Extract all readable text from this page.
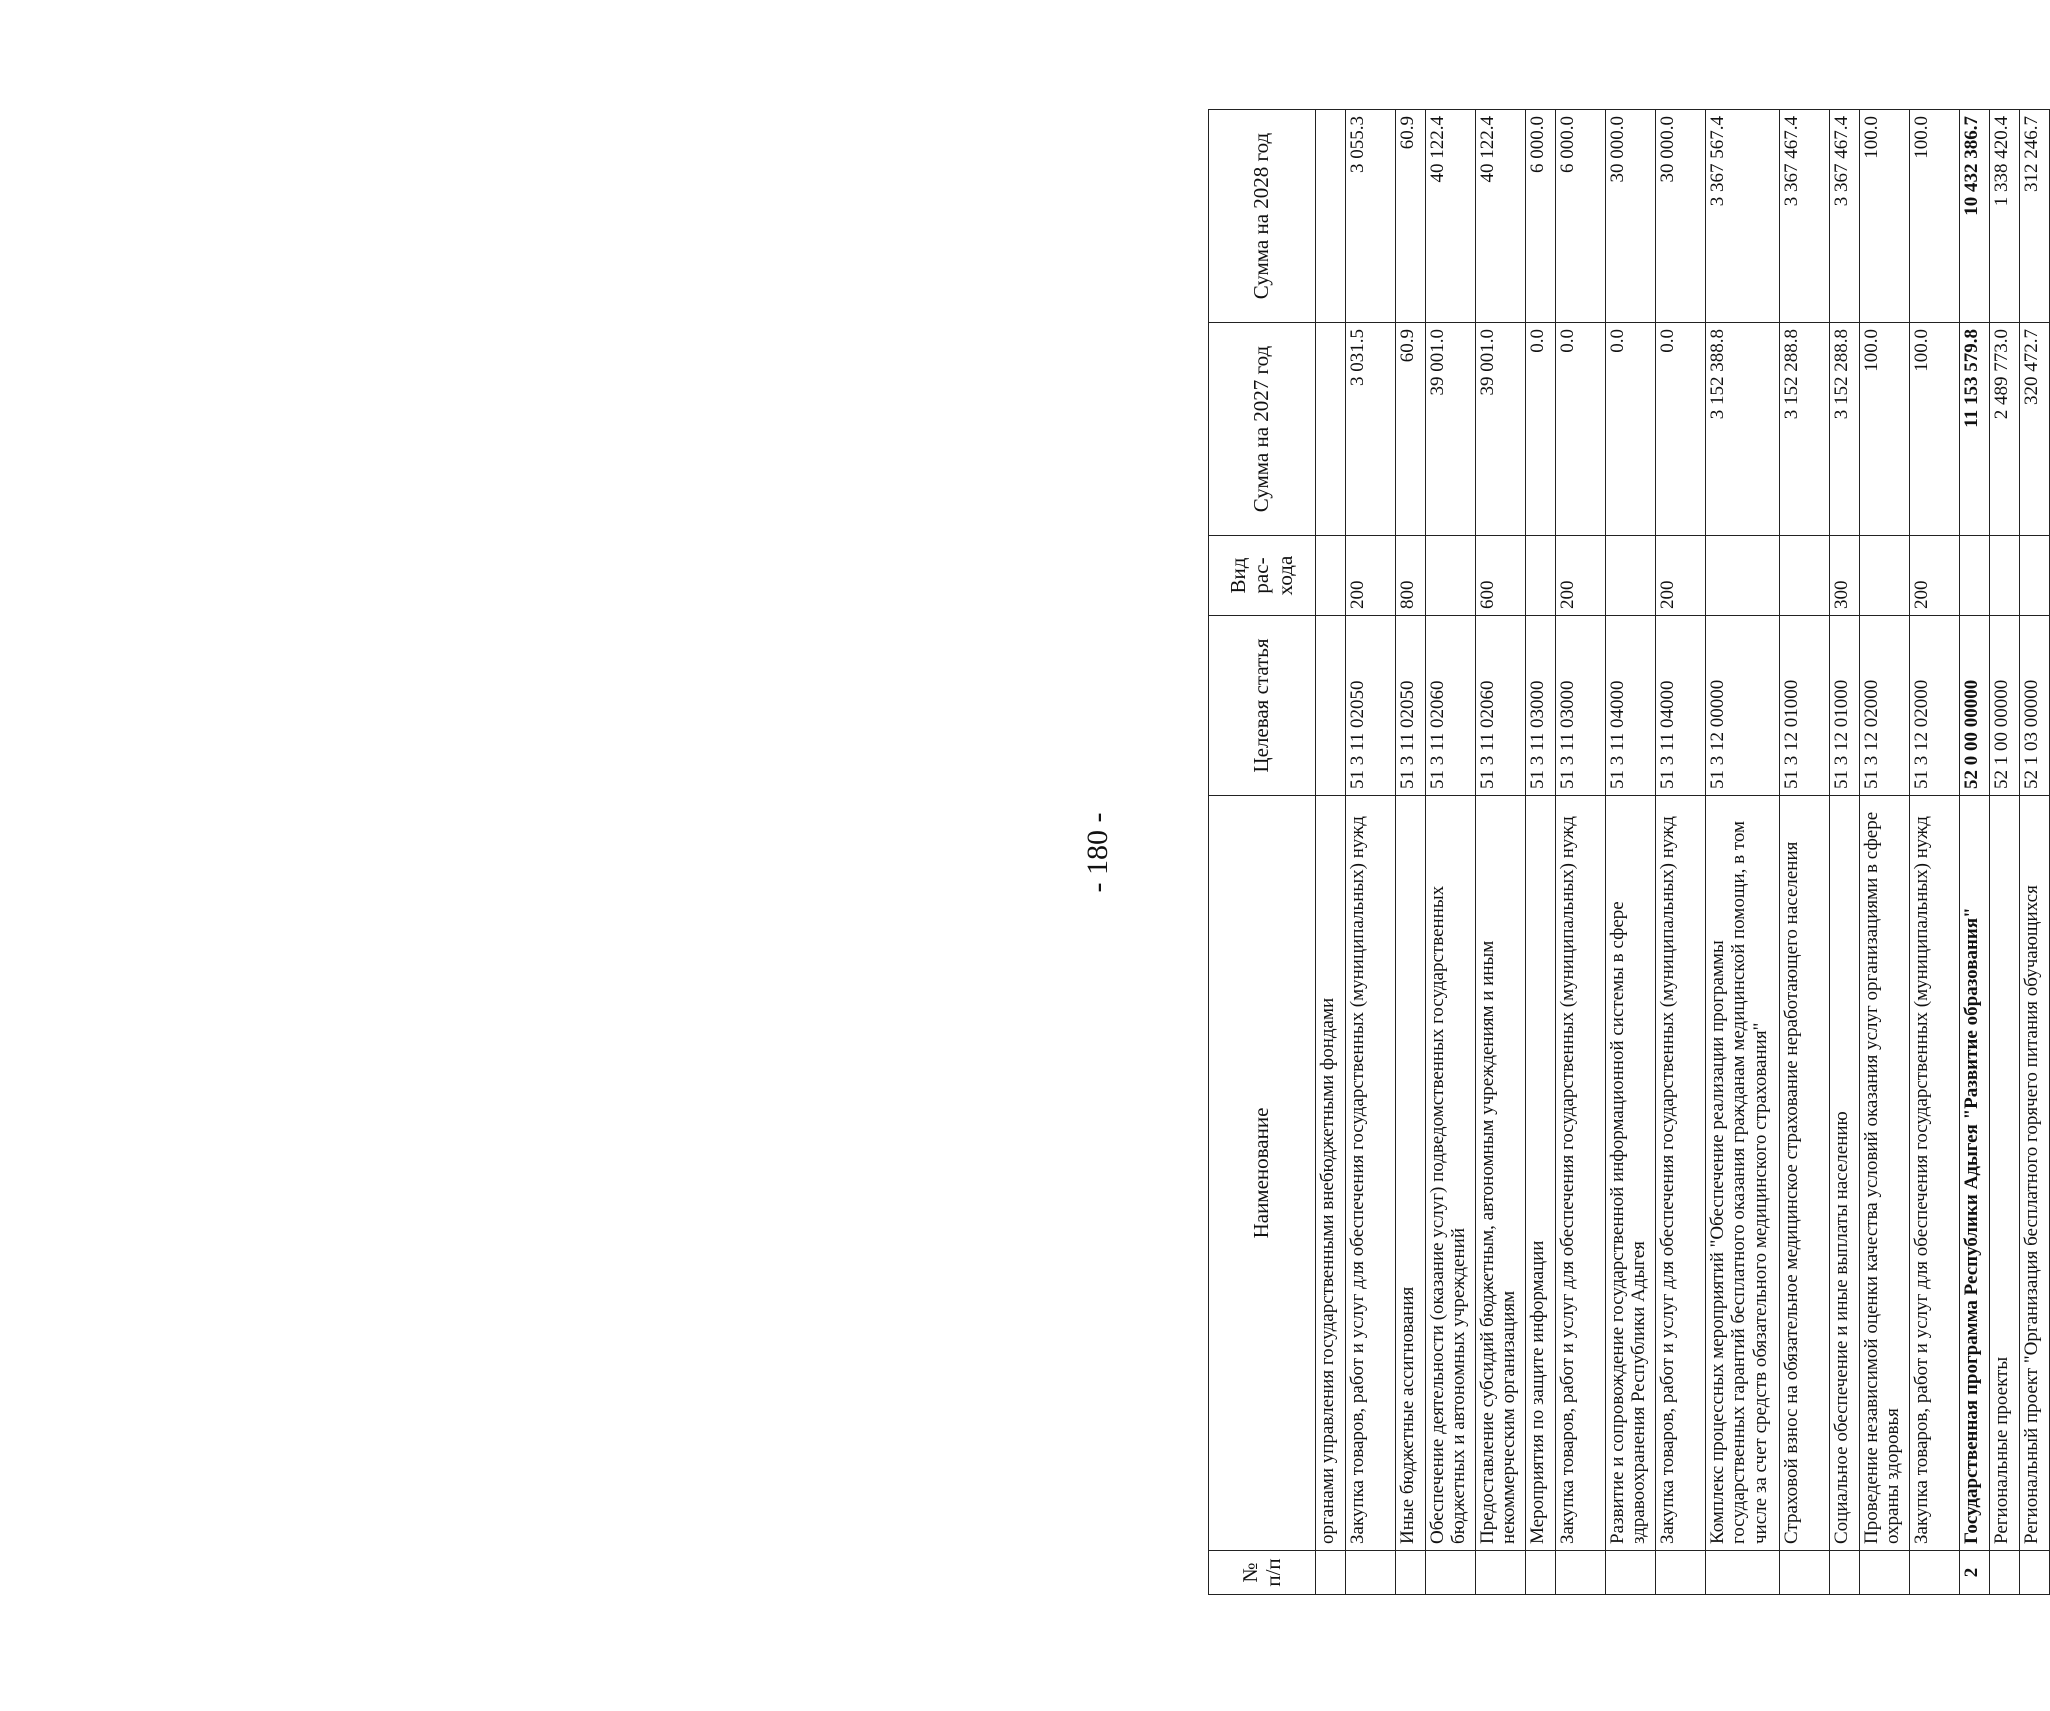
- 180 -
№ п/п	Наименование	Целевая статья	Вид рас- хода	Сумма на 2027 год	Сумма на 2028 год
	органами управления государственными внебюджетными фондами				
	Закупка товаров, работ и услуг для обеспечения государственных (муниципальных) нужд	51 3 11 02050	200	3 031.5	3 055.3
	Иные бюджетные ассигнования	51 3 11 02050	800	60.9	60.9
	Обеспечение деятельности (оказание услуг) подведомственных государственных бюджетных и автономных учреждений	51 3 11 02060		39 001.0	40 122.4
	Предоставление субсидий бюджетным, автономным учреждениям и иным некоммерческим организациям	51 3 11 02060	600	39 001.0	40 122.4
	Мероприятия по защите информации	51 3 11 03000		0.0	6 000.0
	Закупка товаров, работ и услуг для обеспечения государственных (муниципальных) нужд	51 3 11 03000	200	0.0	6 000.0
	Развитие и сопровождение государственной информационной системы в сфере здравоохранения Республики Адыгея	51 3 11 04000		0.0	30 000.0
	Закупка товаров, работ и услуг для обеспечения государственных (муниципальных) нужд	51 3 11 04000	200	0.0	30 000.0
	Комплекс процессных мероприятий "Обеспечение реализации программы государственных гарантий бесплатного оказания гражданам медицинской помощи, в том числе за счет средств обязательного медицинского страхования"	51 3 12 00000		3 152 388.8	3 367 567.4
	Страховой взнос на обязательное медицинское страхование неработающего населения	51 3 12 01000		3 152 288.8	3 367 467.4
	Социальное обеспечение и иные выплаты населению	51 3 12 01000	300	3 152 288.8	3 367 467.4
	Проведение независимой оценки качества условий оказания услуг организациями в сфере охраны здоровья	51 3 12 02000		100.0	100.0
	Закупка товаров, работ и услуг для обеспечения государственных (муниципальных) нужд	51 3 12 02000	200	100.0	100.0
2	Государственная программа Республики Адыгея "Развитие образования"	52 0 00 00000		11 153 579.8	10 432 386.7
	Региональные проекты	52 1 00 00000		2 489 773.0	1 338 420.4
	Региональный проект "Организация бесплатного горячего питания обучающихся	52 1 03 00000		320 472.7	312 246.7
